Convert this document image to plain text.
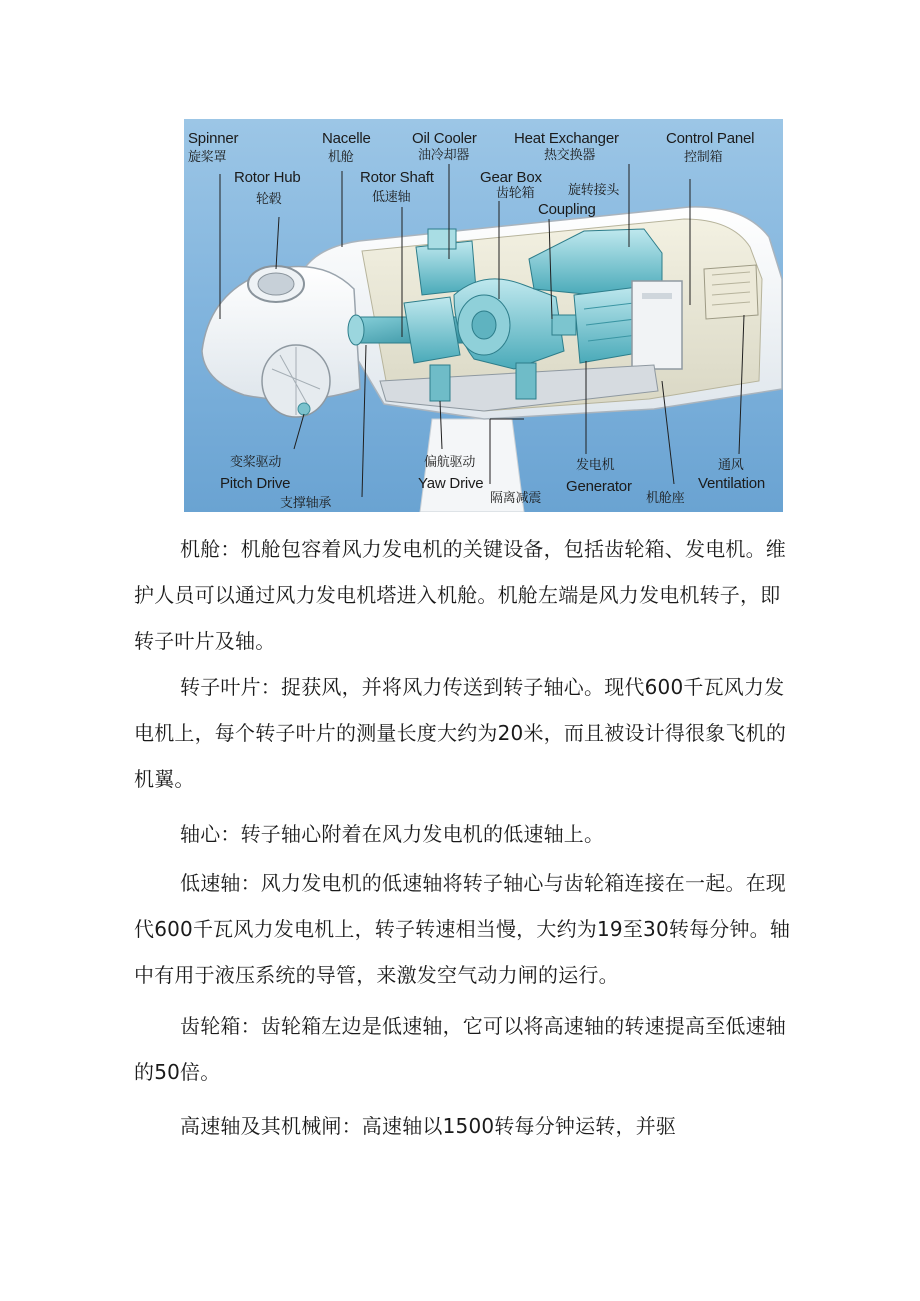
Spinner
旋桨罩
Rotor Hub
轮毂
Nacelle
机舱
Rotor Shaft
低速轴
Oil Cooler
油冷却器
Gear Box
齿轮箱
Heat Exchanger
热交换器
旋转接头
Coupling
Control Panel
控制箱
变桨驱动
Pitch Drive
支撑轴承
偏航驱动
Yaw Drive
隔离减震
发电机
Generator
机舱座
通风
Ventilation

机舱：机舱包容着风力发电机的关键设备，包括齿轮箱、发电机。维护人员可以通过风力发电机塔进入机舱。机舱左端是风力发电机转子，即转子叶片及轴。

转子叶片：捉获风，并将风力传送到转子轴心。现代600千瓦风力发电机上，每个转子叶片的测量长度大约为20米，而且被设计得很象飞机的机翼。

轴心：转子轴心附着在风力发电机的低速轴上。

低速轴：风力发电机的低速轴将转子轴心与齿轮箱连接在一起。在现代600千瓦风力发电机上，转子转速相当慢，大约为19至30转每分钟。轴中有用于液压系统的导管，来激发空气动力闸的运行。

齿轮箱：齿轮箱左边是低速轴，它可以将高速轴的转速提高至低速轴的50倍。

高速轴及其机械闸：高速轴以1500转每分钟运转，并驱
